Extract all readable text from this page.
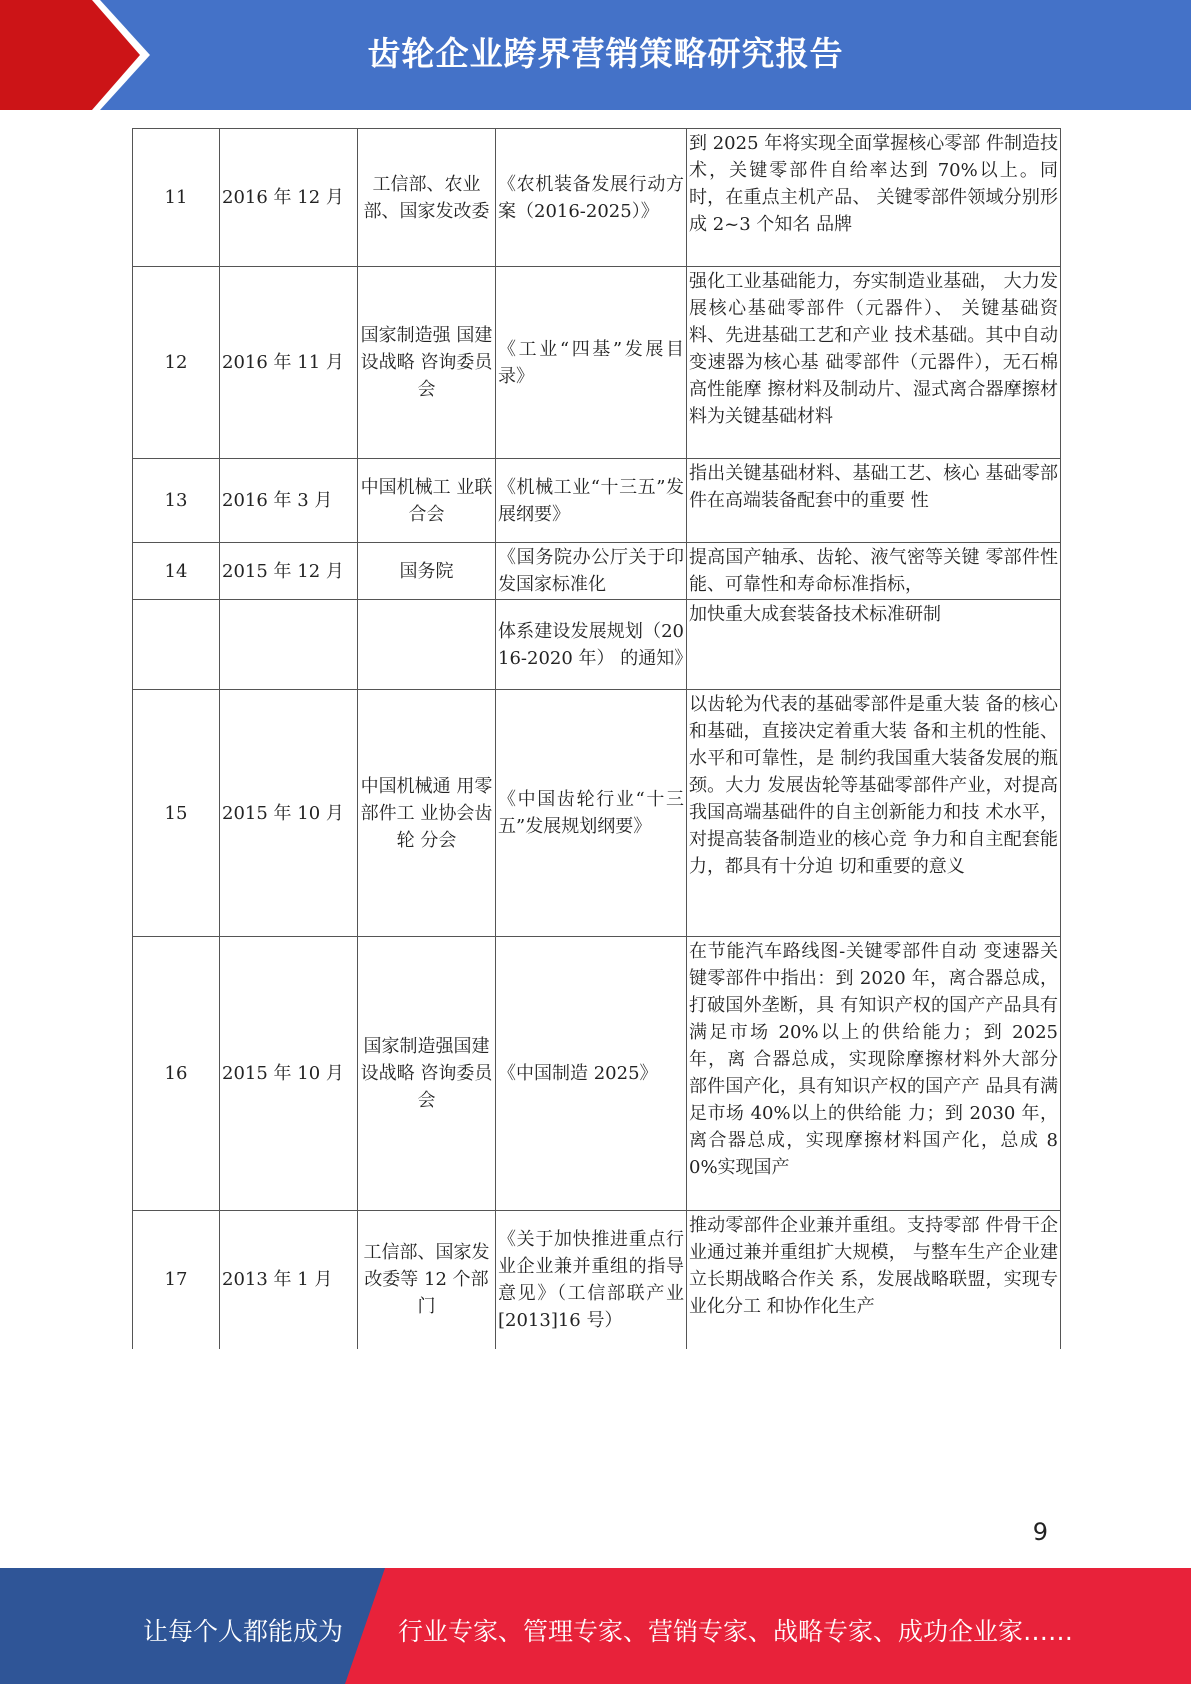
齿轮企业跨界营销策略研究报告
11	2016 年 12 月	工信部、农业部、国家发改委	《农机装备发展行动方案（2016-2025）》	到 2025 年将实现全面掌握核心零部 件制造技术，关键零部件自给率达到 70%以上。同时，在重点主机产品、 关键零部件领域分别形成 2~3 个知名 品牌
12	2016 年 11 月	国家制造强 国建设战略 咨询委员会	《工业“四基”发展目录》	强化工业基础能力，夯实制造业基础， 大力发展核心基础零部件（元器件）、 关键基础资料、先进基础工艺和产业 技术基础。其中自动变速器为核心基 础零部件（元器件），无石棉高性能摩 擦材料及制动片、湿式离合器摩擦材 料为关键基础材料
13	2016 年 3 月	中国机械工 业联合会	《机械工业“十三五”发展纲要》	指出关键基础材料、基础工艺、核心 基础零部件在高端装备配套中的重要 性
14	2015 年 12 月	国务院	《国务院办公厅关于印发国家标准化	提高国产轴承、齿轮、液气密等关键 零部件性能、可靠性和寿命标准指标，
			体系建设发展规划（2016-2020 年） 的通知》	加快重大成套装备技术标准研制
15	2015 年 10 月	中国机械通 用零部件工 业协会齿轮 分会	《中国齿轮行业“十三五”发展规划纲要》	以齿轮为代表的基础零部件是重大装 备的核心和基础，直接决定着重大装 备和主机的性能、水平和可靠性，是 制约我国重大装备发展的瓶颈。大力 发展齿轮等基础零部件产业，对提高 我国高端基础件的自主创新能力和技 术水平，对提高装备制造业的核心竞 争力和自主配套能力，都具有十分迫 切和重要的意义
16	2015 年 10 月	国家制造强国建设战略 咨询委员会	《中国制造 2025》	在节能汽车路线图-关键零部件自动 变速器关键零部件中指出：到 2020 年，离合器总成，打破国外垄断，具 有知识产权的国产产品具有满足市场 20%以上的供给能力；到 2025 年，离 合器总成，实现除摩擦材料外大部分 部件国产化，具有知识产权的国产产 品具有满足市场 40%以上的供给能 力；到 2030 年，离合器总成，实现摩擦材料国产化，总成 80%实现国产
17	2013 年 1 月	工信部、国家发改委等 12 个部门	《关于加快推进重点行业企业兼并重组的指导意见》（工信部联产业 [2013]16 号）	推动零部件企业兼并重组。支持零部 件骨干企业通过兼并重组扩大规模， 与整车生产企业建立长期战略合作关 系，发展战略联盟，实现专业化分工 和协作化生产
9
让每个人都能成为 行业专家、管理专家、营销专家、战略专家、成功企业家……
